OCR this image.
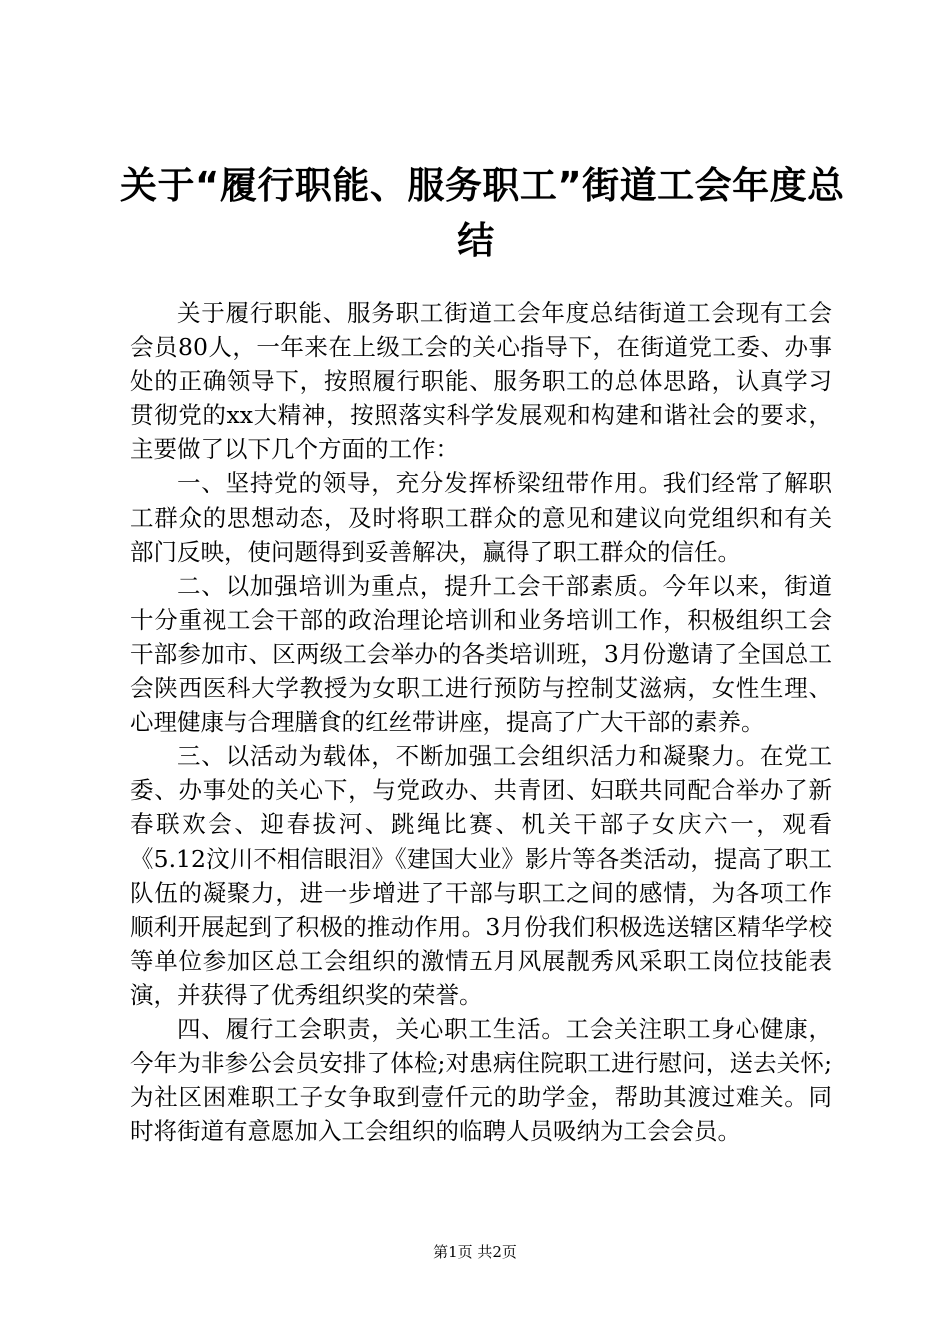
关于“履行职能、服务职工”街道工会年度总
结

关于履行职能、服务职工街道工会年度总结街道工会现有工会会员80人，一年来在上级工会的关心指导下，在街道党工委、办事处的正确领导下，按照履行职能、服务职工的总体思路，认真学习贯彻党的xx大精神，按照落实科学发展观和构建和谐社会的要求，主要做了以下几个方面的工作：

一、坚持党的领导，充分发挥桥梁纽带作用。我们经常了解职工群众的思想动态，及时将职工群众的意见和建议向党组织和有关部门反映，使问题得到妥善解决，赢得了职工群众的信任。

二、以加强培训为重点，提升工会干部素质。今年以来，街道十分重视工会干部的政治理论培训和业务培训工作，积极组织工会干部参加市、区两级工会举办的各类培训班，3月份邀请了全国总工会陕西医科大学教授为女职工进行预防与控制艾滋病，女性生理、心理健康与合理膳食的红丝带讲座，提高了广大干部的素养。

三、以活动为载体，不断加强工会组织活力和凝聚力。在党工委、办事处的关心下，与党政办、共青团、妇联共同配合举办了新春联欢会、迎春拔河、跳绳比赛、机关干部子女庆六一，观看《5.12汶川不相信眼泪》《建国大业》影片等各类活动，提高了职工队伍的凝聚力，进一步增进了干部与职工之间的感情，为各项工作顺利开展起到了积极的推动作用。3月份我们积极选送辖区精华学校等单位参加区总工会组织的激情五月风展靓秀风采职工岗位技能表演，并获得了优秀组织奖的荣誉。

四、履行工会职责，关心职工生活。工会关注职工身心健康，今年为非参公会员安排了体检;对患病住院职工进行慰问，送去关怀;为社区困难职工子女争取到壹仟元的助学金，帮助其渡过难关。同时将街道有意愿加入工会组织的临聘人员吸纳为工会会员。

第1页 共2页
